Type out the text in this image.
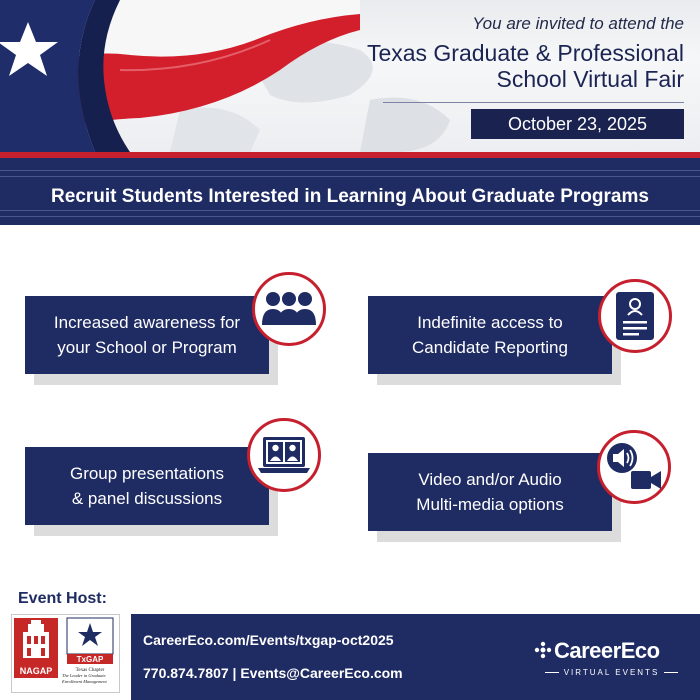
You are invited to attend the
Texas Graduate & Professional
School Virtual Fair
October 23, 2025
Recruit Students Interested in Learning About Graduate Programs
Increased awareness for
your School or Program
Indefinite access to
Candidate Reporting
Group presentations
& panel discussions
Video and/or Audio
Multi-media options
Event Host:
NAGAP
TxGAP
Texas Chapter
The Leader in Graduate Enrollment Management
CareerEco.com/Events/txgap-oct2025
770.874.7807 | Events@CareerEco.com
CareerEco
VIRTUAL EVENTS
